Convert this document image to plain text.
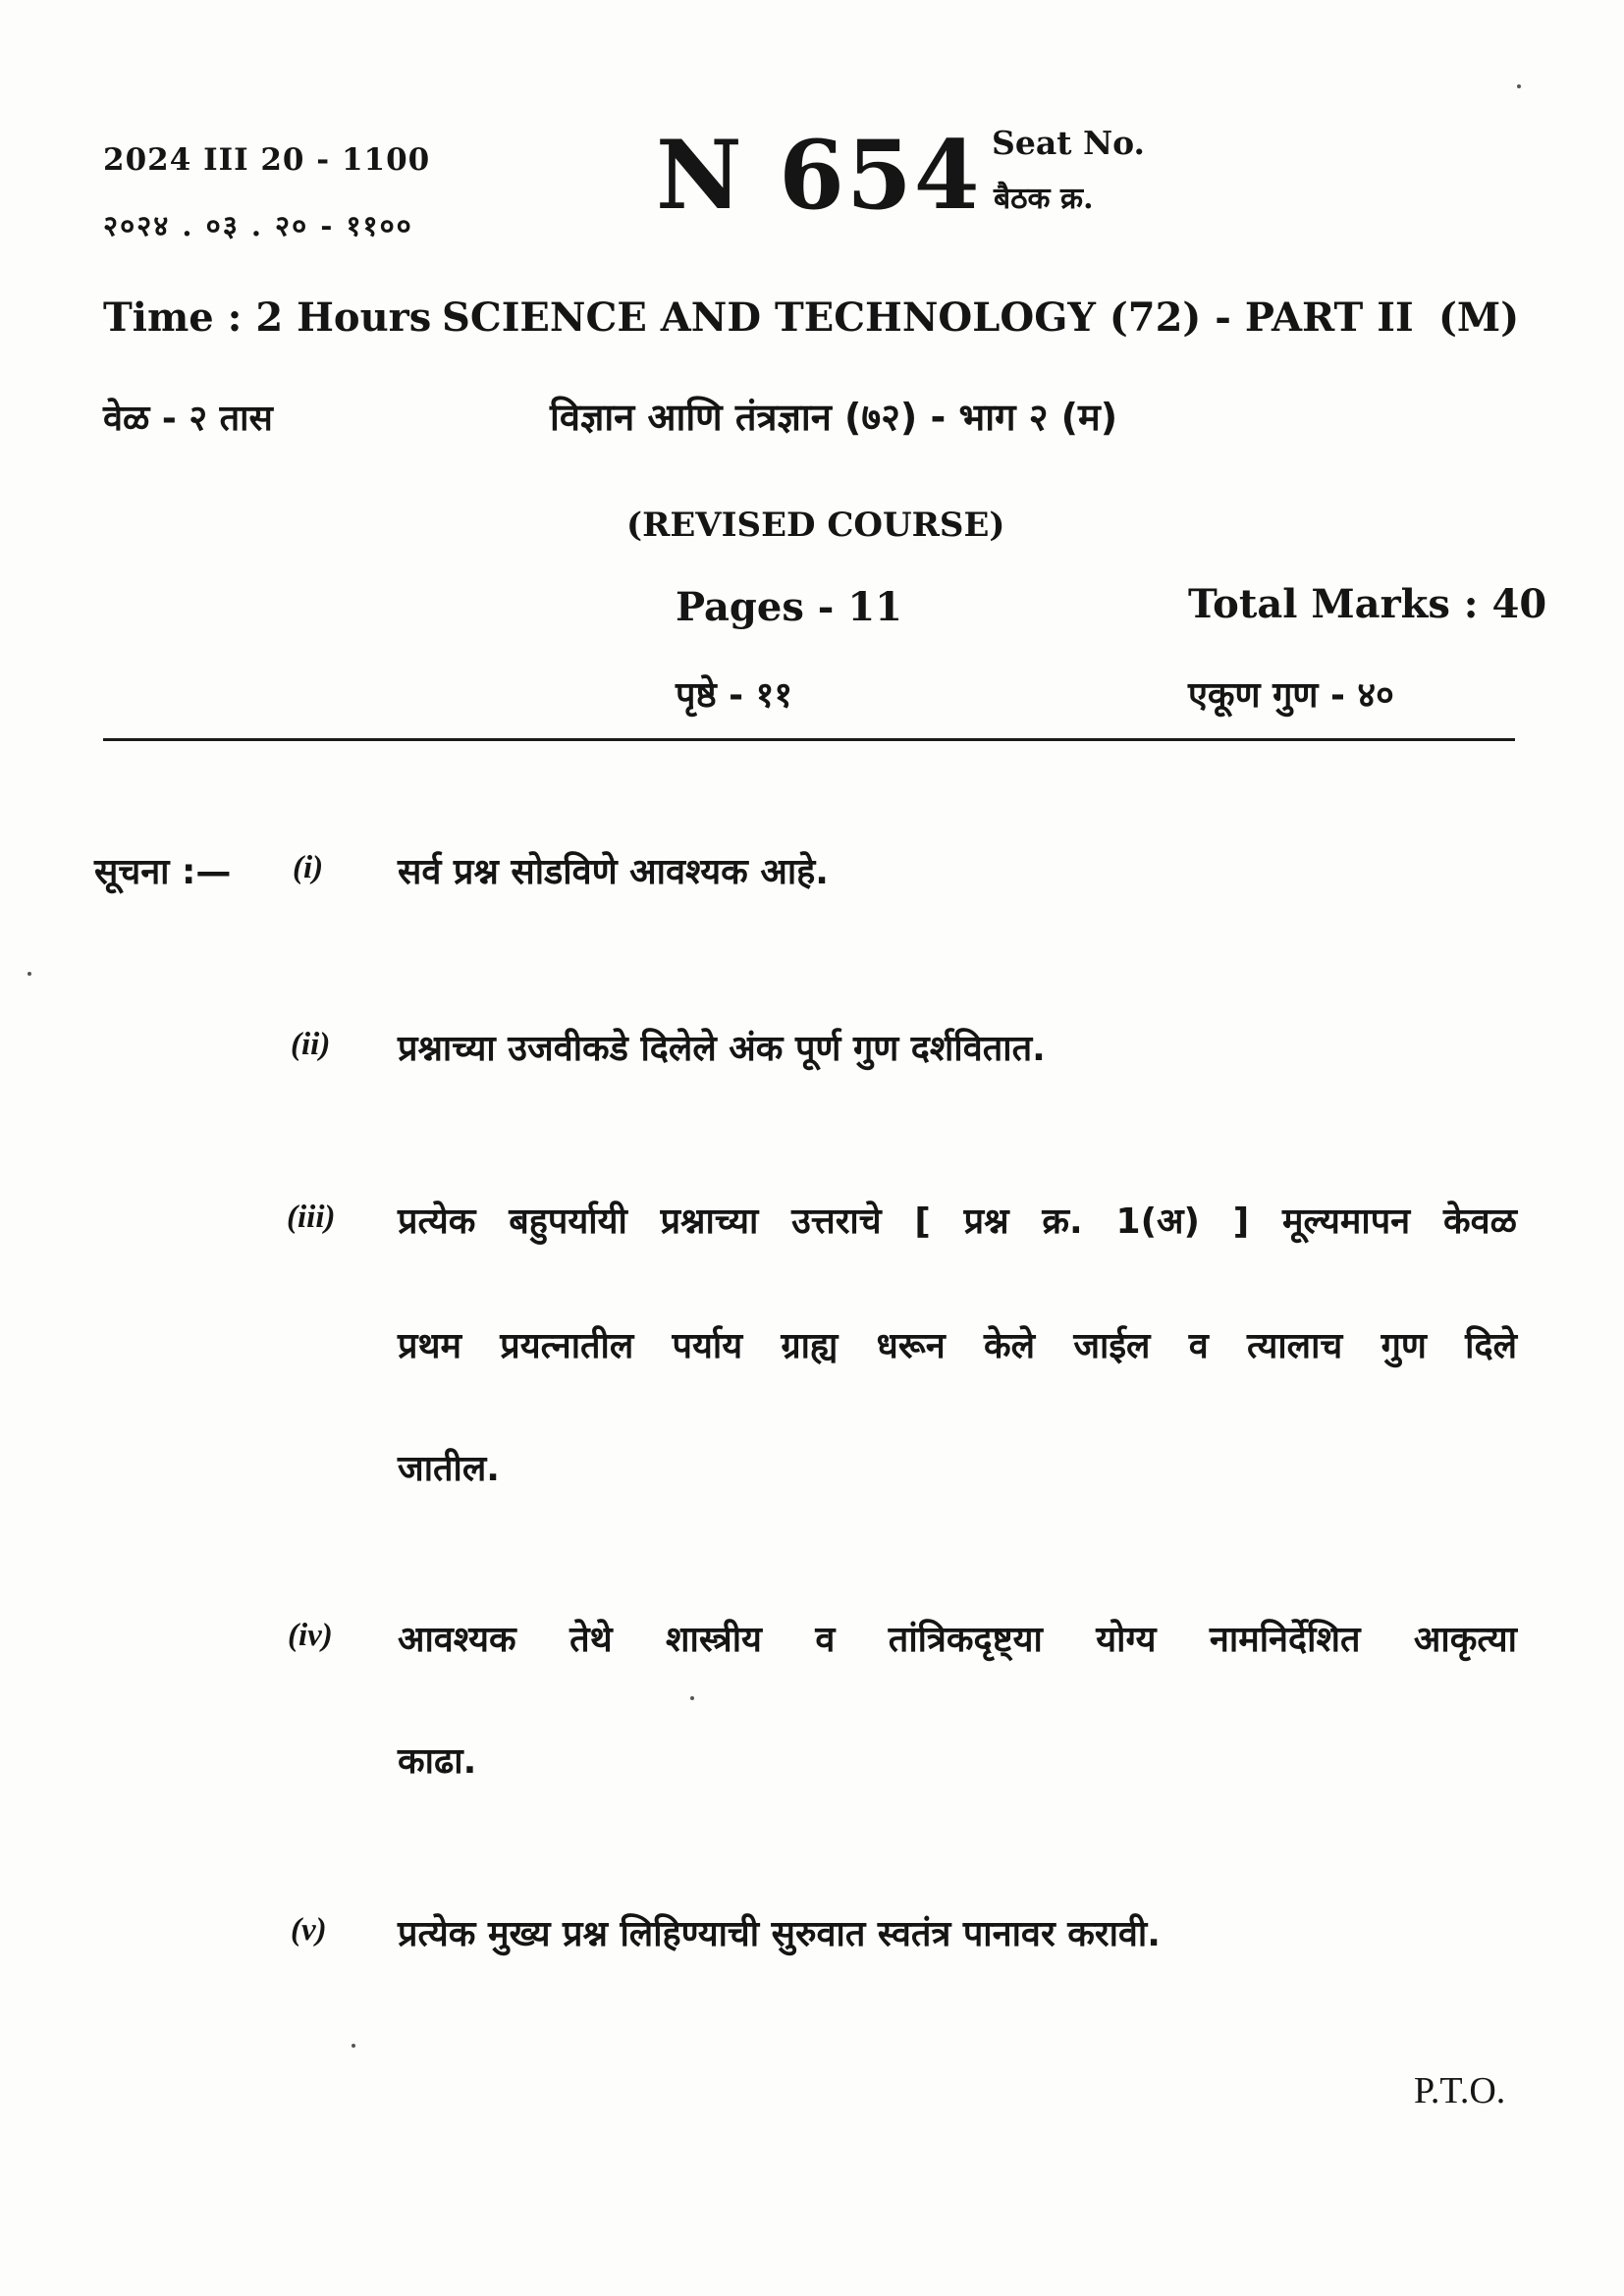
2024 III 20 - 1100
२०२४ . ०३ . २० - ११००	N 654 Seat No.
बैठक क्र.
Time : 2 Hours SCIENCE AND TECHNOLOGY (72) - PART II (M)
वेळ - २ तास	विज्ञान आणि तंत्रज्ञान (७२) - भाग २ (म)
(REVISED COURSE)
Pages - 11	Total Marks : 40
पृष्ठे - ११	एकूण गुण - ४०
सूचना :— (i) सर्व प्रश्न सोडविणे आवश्यक आहे.
(ii) प्रश्नाच्या उजवीकडे दिलेले अंक पूर्ण गुण दर्शवितात.
(iii) प्रत्येक बहुपर्यायी प्रश्नाच्या उत्तराचे [ प्रश्न क्र. 1(अ) ] मूल्यमापन केवळ
प्रथम प्रयत्नातील पर्याय ग्राह्य धरून केले जाईल व त्यालाच गुण दिले
जातील.
(iv) आवश्यक तेथे शास्त्रीय व तांत्रिकदृष्ट्या योग्य नामनिर्देशित आकृत्या
काढा.
(v) प्रत्येक मुख्य प्रश्न लिहिण्याची सुरुवात स्वतंत्र पानावर करावी.
P.T.O.
